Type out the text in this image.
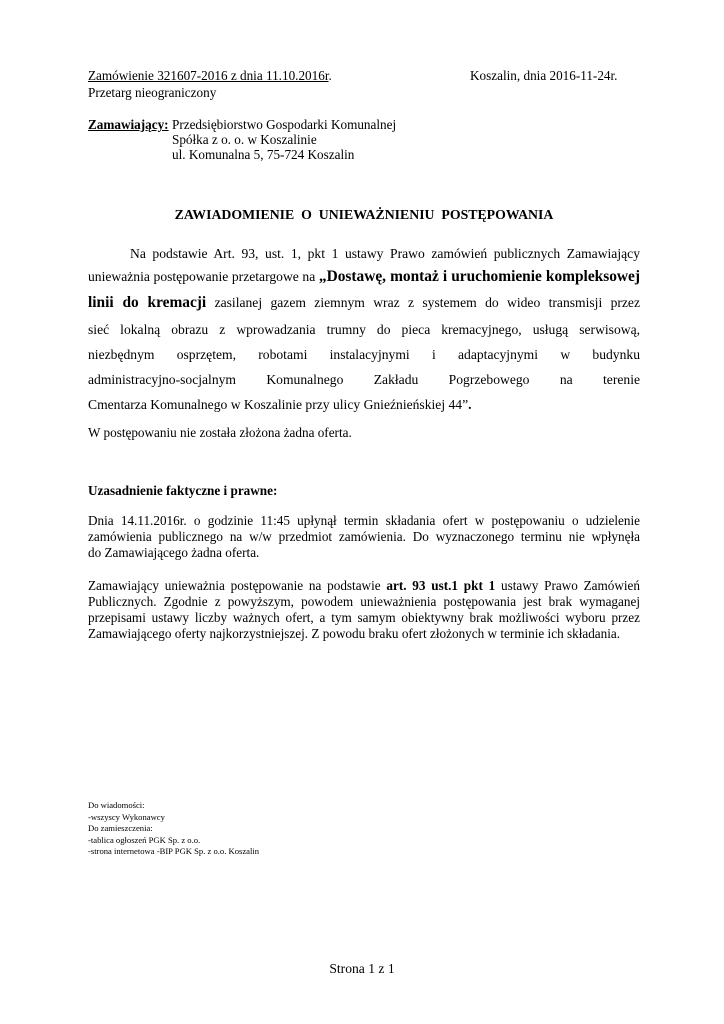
Zamówienie 321607-2016 z dnia 11.10.2016r.
Przetarg nieograniczony
Koszalin, dnia 2016-11-24r.
Zamawiający: Przedsiębiorstwo Gospodarki Komunalnej
Spółka z o. o. w Koszalinie
ul. Komunalna 5, 75-724 Koszalin
ZAWIADOMIENIE  O  UNIEWAŻNIENIU  POSTĘPOWANIA
Na podstawie Art. 93, ust. 1, pkt 1 ustawy Prawo zamówień publicznych Zamawiający
unieważnia postępowanie przetargowe na „Dostawę, montaż i uruchomienie kompleksowej
linii do kremacji zasilanej gazem ziemnym wraz z systemem do wideo transmisji przez
sieć lokalną obrazu z wprowadzania trumny do pieca kremacyjnego, usługą serwisową,
niezbędnym osprzętem, robotami instalacyjnymi i adaptacyjnymi w budynku
administracyjno-socjalnym Komunalnego Zakładu Pogrzebowego na terenie
Cmentarza Komunalnego w Koszalinie przy ulicy Gnieźnieńskiej 44”.
W postępowaniu nie została złożona żadna oferta.
Uzasadnienie faktyczne i prawne:
Dnia 14.11.2016r. o godzinie 11:45 upłynął termin składania ofert w postępowaniu o udzielenie
zamówienia publicznego na w/w przedmiot zamówienia. Do wyznaczonego terminu nie wpłynęła
do Zamawiającego żadna oferta.
Zamawiający unieważnia postępowanie na podstawie art. 93 ust.1 pkt 1 ustawy Prawo Zamówień
Publicznych. Zgodnie z powyższym, powodem unieważnienia postępowania jest brak wymaganej
przepisami ustawy liczby ważnych ofert, a tym samym obiektywny brak możliwości wyboru przez
Zamawiającego oferty najkorzystniejszej. Z powodu braku ofert złożonych w terminie ich składania.
Do wiadomości:
-wszyscy Wykonawcy
Do zamieszczenia:
-tablica ogłoszeń PGK Sp. z o.o.
-strona internetowa -BIP PGK Sp. z o.o. Koszalin
Strona 1 z 1
